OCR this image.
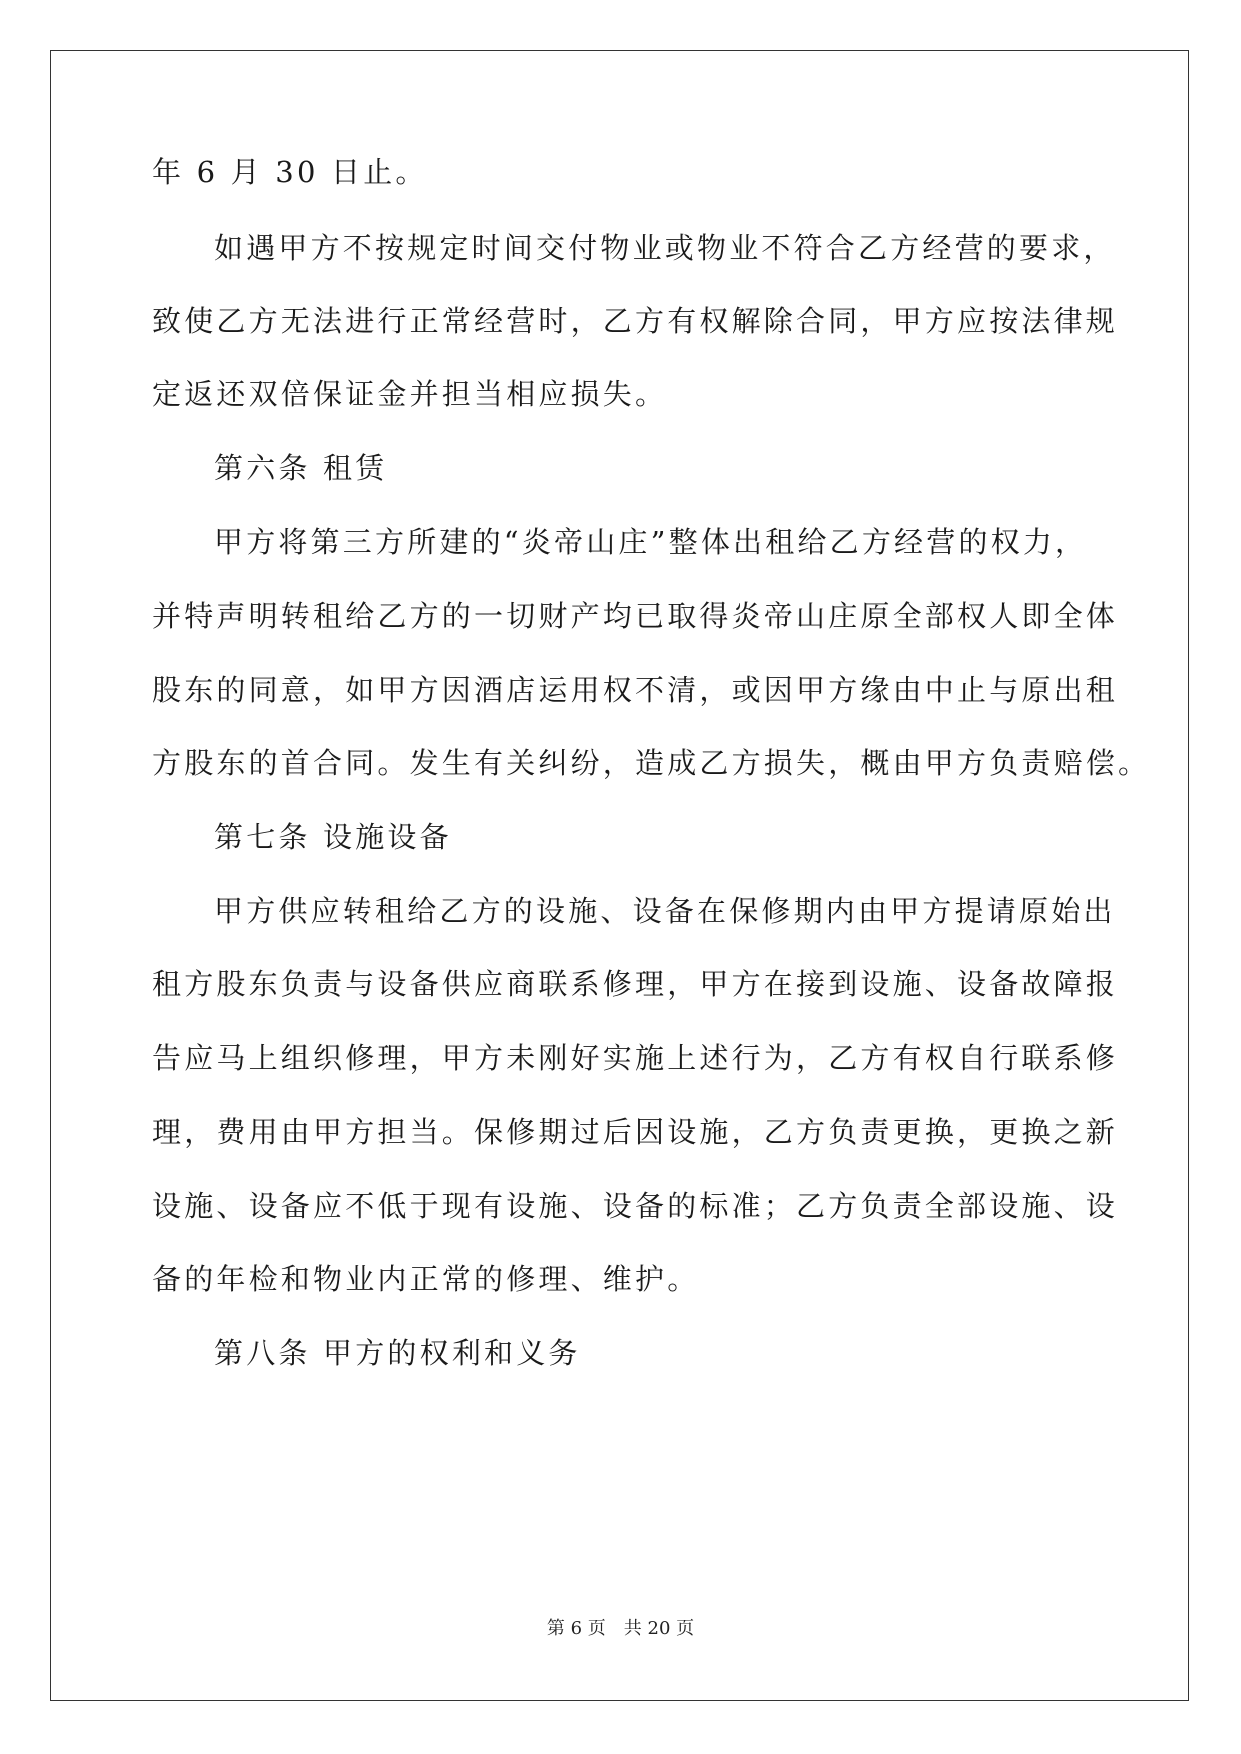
年 6 月 30 日止。
如遇甲方不按规定时间交付物业或物业不符合乙方经营的要求，
致使乙方无法进行正常经营时，乙方有权解除合同，甲方应按法律规
定返还双倍保证金并担当相应损失。
第六条 租赁
甲方将第三方所建的“炎帝山庄”整体出租给乙方经营的权力，
并特声明转租给乙方的一切财产均已取得炎帝山庄原全部权人即全体
股东的同意，如甲方因酒店运用权不清，或因甲方缘由中止与原出租
方股东的首合同。发生有关纠纷，造成乙方损失，概由甲方负责赔偿。
第七条 设施设备
甲方供应转租给乙方的设施、设备在保修期内由甲方提请原始出
租方股东负责与设备供应商联系修理，甲方在接到设施、设备故障报
告应马上组织修理，甲方未刚好实施上述行为，乙方有权自行联系修
理，费用由甲方担当。保修期过后因设施，乙方负责更换，更换之新
设施、设备应不低于现有设施、设备的标准；乙方负责全部设施、设
备的年检和物业内正常的修理、维护。
第八条 甲方的权利和义务
第 6 页 共 20 页
